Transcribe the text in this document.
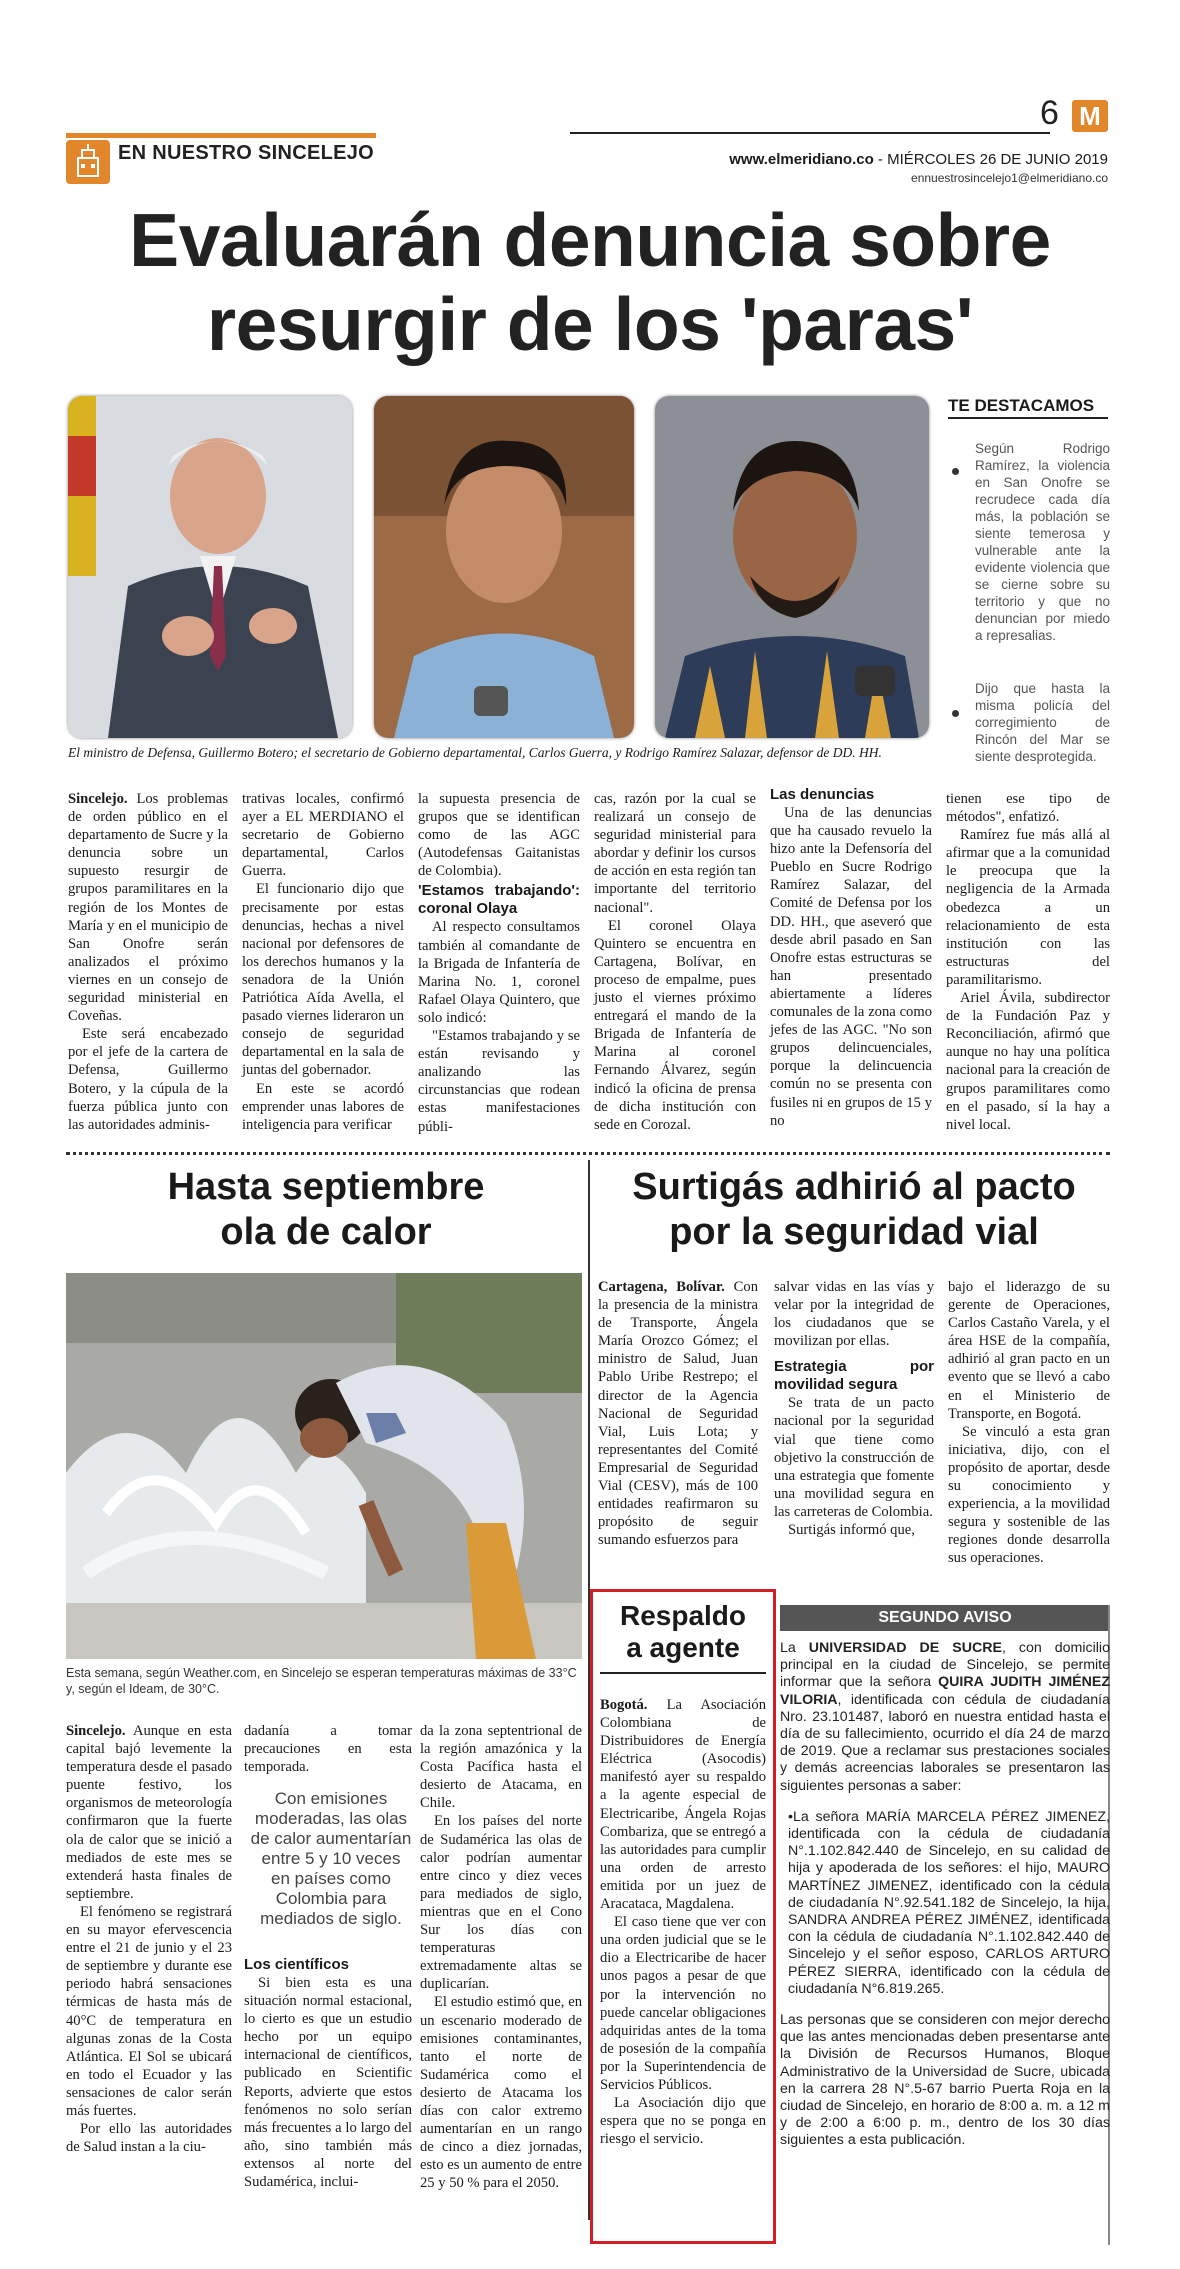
EN NUESTRO SINCELEJO
6 M
www.elmeridiano.co - MIÉRCOLES 26 DE JUNIO 2019
ennuestrosincelejo1@elmeridiano.co
Evaluarán denuncia sobre
resurgir de los 'paras'
El ministro de Defensa, Guillermo Botero; el secretario de Gobierno departamental, Carlos Guerra, y Rodrigo Ramírez Salazar, defensor de DD. HH.
TE DESTACAMOS
Según Rodrigo Ramírez, la violencia en San Onofre se recrudece cada día más, la población se siente temerosa y vulnerable ante la evidente violencia que se cierne sobre su territorio y que no denuncian por miedo a represalias.
Dijo que hasta la misma policía del corregimiento de Rincón del Mar se siente desprotegida.

Sincelejo. Los problemas de orden público en el departamento de Sucre y la denuncia sobre un supuesto resurgir de grupos paramilitares en la región de los Montes de María y en el municipio de San Onofre serán analizados el próximo viernes en un consejo de seguridad ministerial en Coveñas.

Este será encabezado por el jefe de la cartera de Defensa, Guillermo Botero, y la cúpula de la fuerza pública junto con las autoridades adminis-

trativas locales, confirmó ayer a EL MERDIANO el secretario de Gobierno departamental, Carlos Guerra.

El funcionario dijo que precisamente por estas denuncias, hechas a nivel nacional por defensores de los derechos humanos y la senadora de la Unión Patriótica Aída Avella, el pasado viernes lideraron un consejo de seguridad departamental en la sala de juntas del gobernador.

En este se acordó emprender unas labores de inteligencia para verificar

la supuesta presencia de grupos que se identifican como de las AGC (Autodefensas Gaitanistas de Colombia).

'Estamos trabajando': coronal Olaya

Al respecto consultamos también al comandante de la Brigada de Infantería de Marina No. 1, coronel Rafael Olaya Quintero, que solo indicó:

"Estamos trabajando y se están revisando y analizando las circunstancias que rodean estas manifestaciones públi-

cas, razón por la cual se realizará un consejo de seguridad ministerial para abordar y definir los cursos de acción en esta región tan importante del territorio nacional".

El coronel Olaya Quintero se encuentra en Cartagena, Bolívar, en proceso de empalme, pues justo el viernes próximo entregará el mando de la Brigada de Infantería de Marina al coronel Fernando Álvarez, según indicó la oficina de prensa de dicha institución con sede en Corozal.

Las denuncias

Una de las denuncias que ha causado revuelo la hizo ante la Defensoría del Pueblo en Sucre Rodrigo Ramírez Salazar, del Comité de Defensa por los DD. HH., que aseveró que desde abril pasado en San Onofre estas estructuras se han presentado abiertamente a líderes comunales de la zona como jefes de las AGC. "No son grupos delincuenciales, porque la delincuencia común no se presenta con fusiles ni en grupos de 15 y no

tienen ese tipo de métodos", enfatizó.

Ramírez fue más allá al afirmar que a la comunidad le preocupa que la negligencia de la Armada obedezca a un relacionamiento de esta institución con las estructuras del paramilitarismo.

Ariel Ávila, subdirector de la Fundación Paz y Reconciliación, afirmó que aunque no hay una política nacional para la creación de grupos paramilitares como en el pasado, sí la hay a nivel local.

Hasta septiembre
ola de calor
Esta semana, según Weather.com, en Sincelejo se esperan temperaturas máximas de 33°C y, según el Ideam, de 30°C.

Sincelejo. Aunque en esta capital bajó levemente la temperatura desde el pasado puente festivo, los organismos de meteorología confirmaron que la fuerte ola de calor que se inició a mediados de este mes se extenderá hasta finales de septiembre.

El fenómeno se registrará en su mayor efervescencia entre el 21 de junio y el 23 de septiembre y durante ese periodo habrá sensaciones térmicas de hasta más de 40°C de temperatura en algunas zonas de la Costa Atlántica. El Sol se ubicará en todo el Ecuador y las sensaciones de calor serán más fuertes.

Por ello las autoridades de Salud instan a la ciu-

dadanía a tomar precauciones en esta temporada.

Con emisiones moderadas, las olas de calor aumentarían entre 5 y 10 veces en países como Colombia para mediados de siglo.

Los científicos

Si bien esta es una situación normal estacional, lo cierto es que un estudio hecho por un equipo internacional de científicos, publicado en Scientific Reports, advierte que estos fenómenos no solo serían más frecuentes a lo largo del año, sino también más extensos al norte del Sudamérica, inclui-

da la zona septentrional de la región amazónica y la Costa Pacífica hasta el desierto de Atacama, en Chile.

En los países del norte de Sudamérica las olas de calor podrían aumentar entre cinco y diez veces para mediados de siglo, mientras que en el Cono Sur los días con temperaturas extremadamente altas se duplicarían.

El estudio estimó que, en un escenario moderado de emisiones contaminantes, tanto el norte de Sudamérica como el desierto de Atacama los días con calor extremo aumentarían en un rango de cinco a diez jornadas, esto es un aumento de entre 25 y 50 % para el 2050.

Surtigás adhirió al pacto
por la seguridad vial

Cartagena, Bolívar. Con la presencia de la ministra de Transporte, Ángela María Orozco Gómez; el ministro de Salud, Juan Pablo Uribe Restrepo; el director de la Agencia Nacional de Seguridad Vial, Luis Lota; y representantes del Comité Empresarial de Seguridad Vial (CESV), más de 100 entidades reafirmaron su propósito de seguir sumando esfuerzos para

salvar vidas en las vías y velar por la integridad de los ciudadanos que se movilizan por ellas.

Estrategia por movilidad segura

Se trata de un pacto nacional por la seguridad vial que tiene como objetivo la construcción de una estrategia que fomente una movilidad segura en las carreteras de Colombia.

Surtigás informó que,

bajo el liderazgo de su gerente de Operaciones, Carlos Castaño Varela, y el área HSE de la compañía, adhirió al gran pacto en un evento que se llevó a cabo en el Ministerio de Transporte, en Bogotá.

Se vinculó a esta gran iniciativa, dijo, con el propósito de aportar, desde su conocimiento y experiencia, a la movilidad segura y sostenible de las regiones donde desarrolla sus operaciones.

Respaldo
a agente

Bogotá. La Asociación Colombiana de Distribuidores de Energía Eléctrica (Asocodis) manifestó ayer su respaldo a la agente especial de Electricaribe, Ángela Rojas Combariza, que se entregó a las autoridades para cumplir una orden de arresto emitida por un juez de Aracataca, Magdalena.

El caso tiene que ver con una orden judicial que se le dio a Electricaribe de hacer unos pagos a pesar de que por la intervención no puede cancelar obligaciones adquiridas antes de la toma de posesión de la compañía por la Superintendencia de Servicios Públicos.

La Asociación dijo que espera que no se ponga en riesgo el servicio.

SEGUNDO AVISO

La UNIVERSIDAD DE SUCRE, con domicilio principal en la ciudad de Sincelejo, se permite informar que la señora QUIRA JUDITH JIMÉNEZ VILORIA, identificada con cédula de ciudadanía Nro. 23.101487, laboró en nuestra entidad hasta el día de su fallecimiento, ocurrido el día 24 de marzo de 2019. Que a reclamar sus prestaciones sociales y demás acreencias laborales se presentaron las siguientes personas a saber:

•La señora MARÍA MARCELA PÉREZ JIMENEZ, identificada con la cédula de ciudadanía N°.1.102.842.440 de Sincelejo, en su calidad de hija y apoderada de los señores: el hijo, MAURO MARTÍNEZ JIMENEZ, identificado con la cédula de ciudadanía N°.92.541.182 de Sincelejo, la hija, SANDRA ANDREA PÉREZ JIMÉNEZ, identificada con la cédula de ciudadanía N°.1.102.842.440 de Sincelejo y el señor esposo, CARLOS ARTURO PÉREZ SIERRA, identificado con la cédula de ciudadanía N°6.819.265.

Las personas que se consideren con mejor derecho que las antes mencionadas deben presentarse ante la División de Recursos Humanos, Bloque Administrativo de la Universidad de Sucre, ubicada en la carrera 28 N°.5-67 barrio Puerta Roja en la ciudad de Sincelejo, en horario de 8:00 a. m. a 12 m y de 2:00 a 6:00 p. m., dentro de los 30 días siguientes a esta publicación.
